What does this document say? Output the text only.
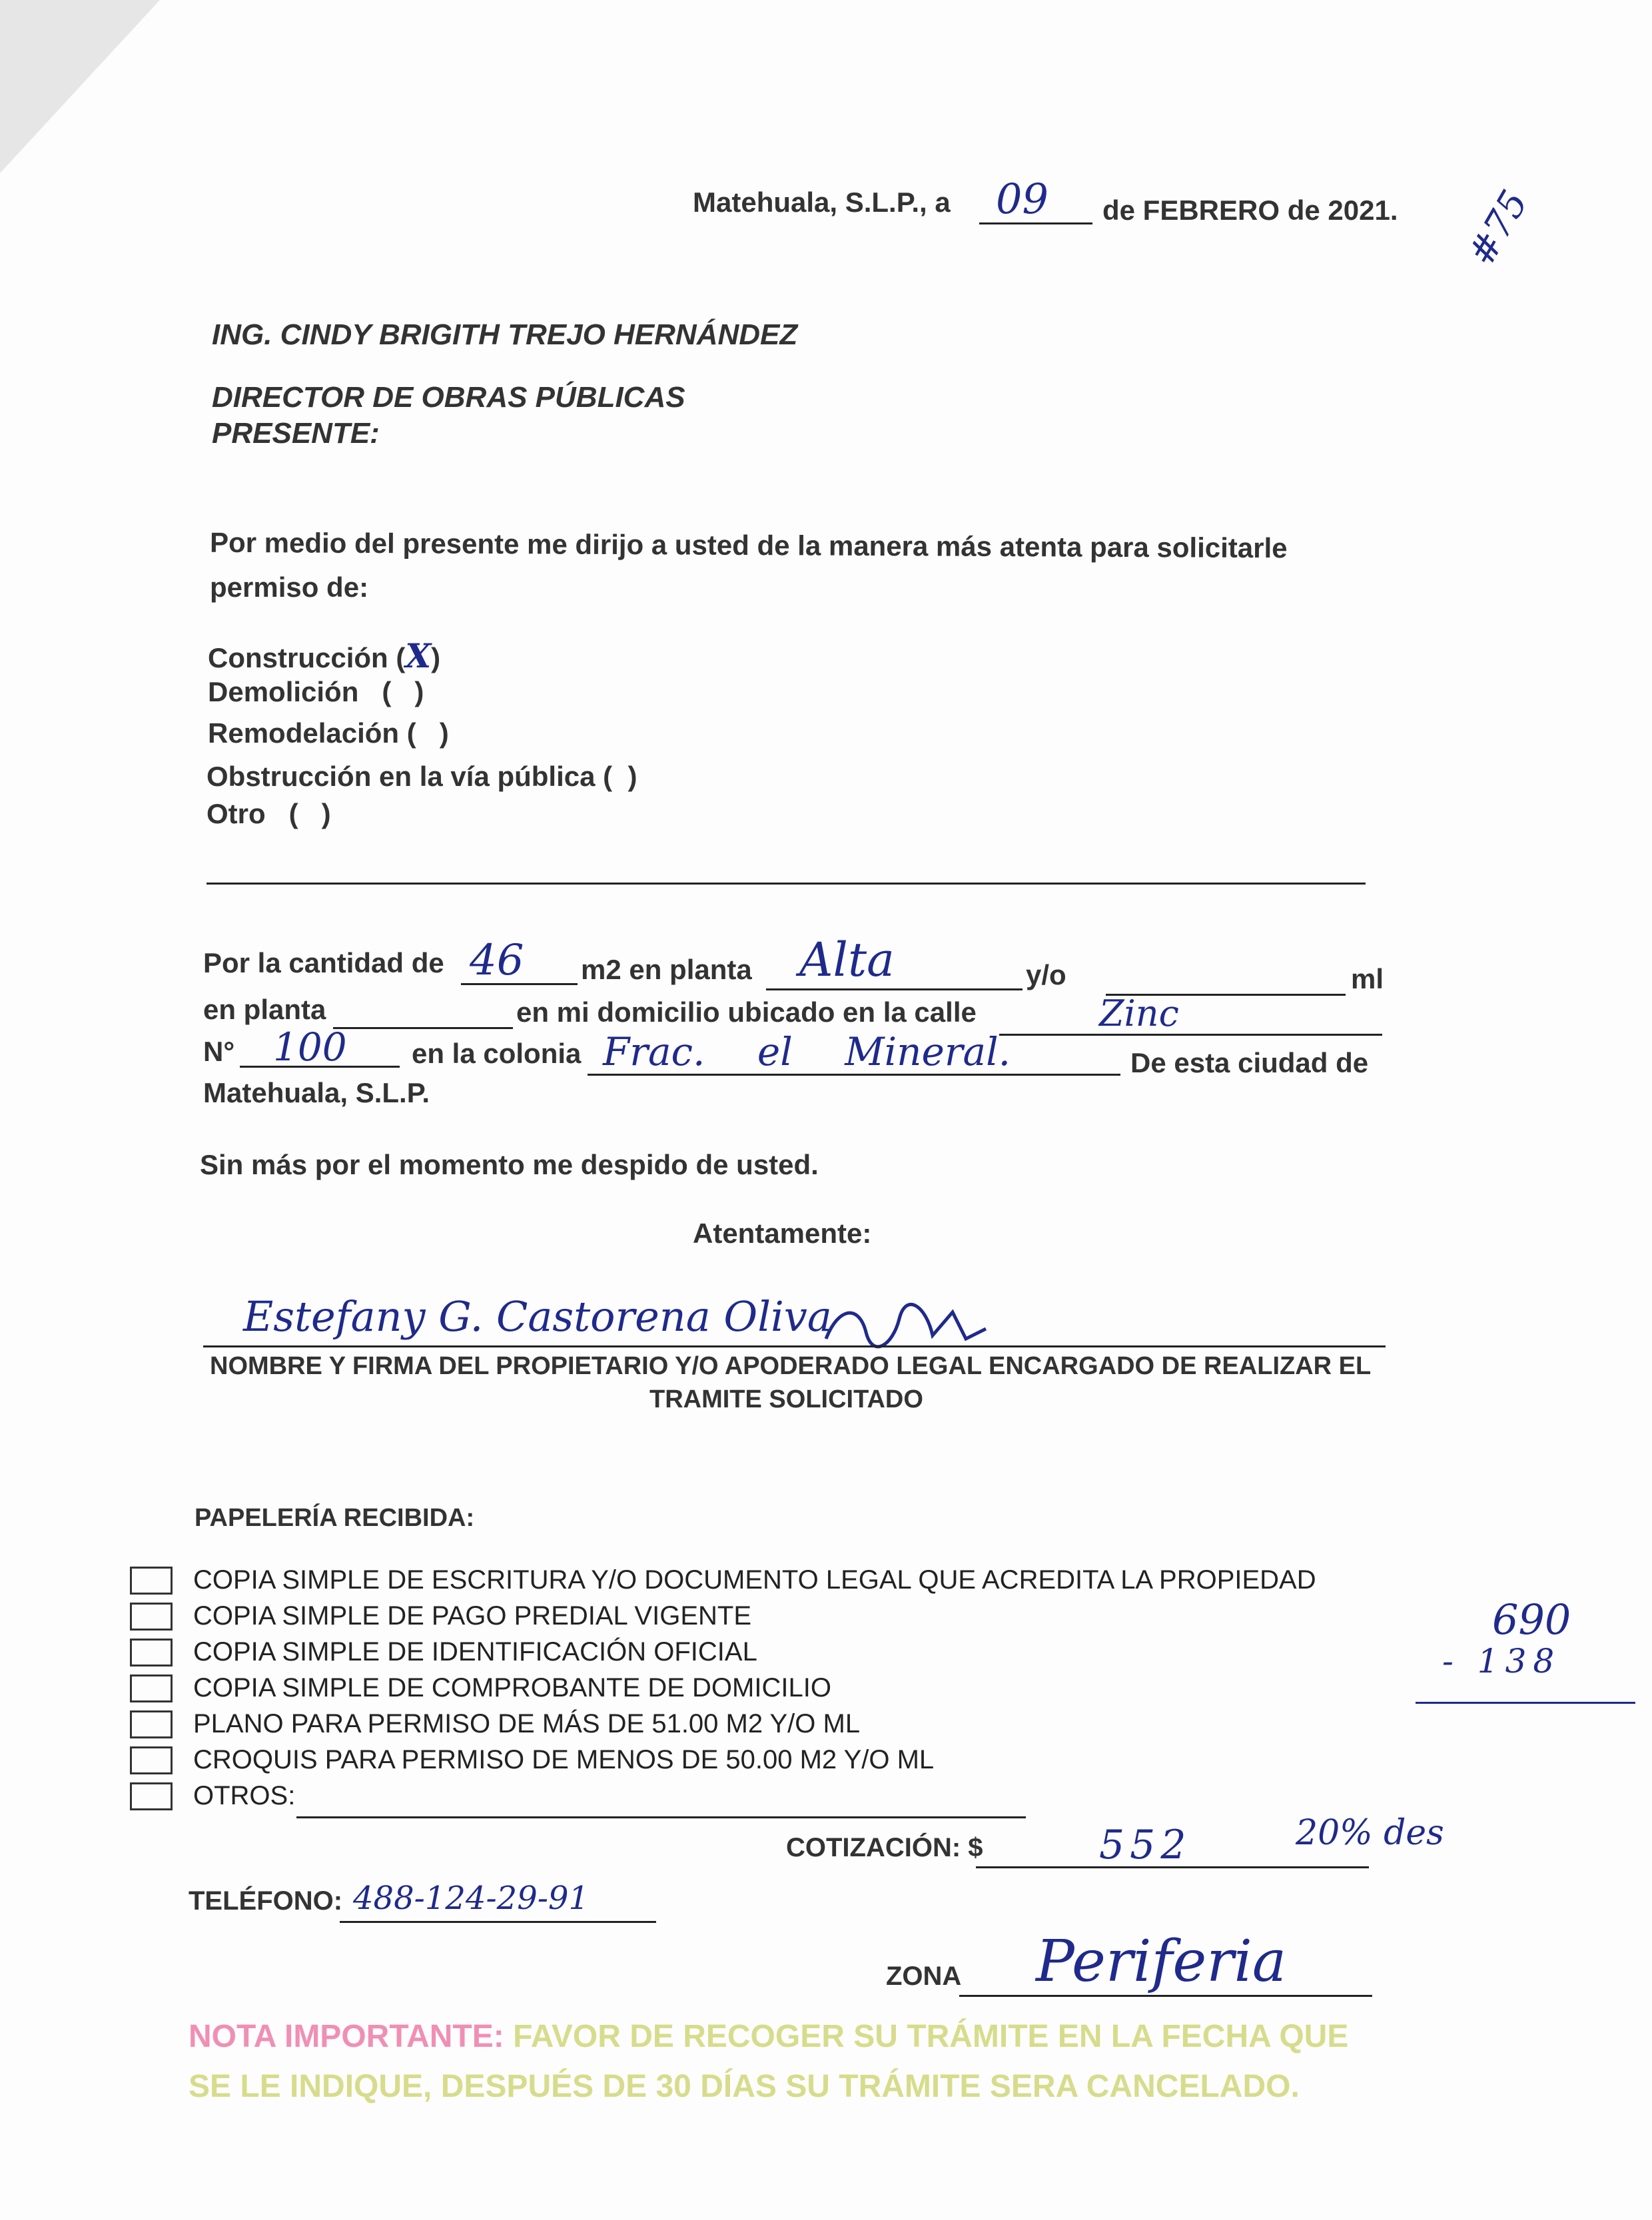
Matehuala, S.L.P., a 09 de FEBRERO de 2021. #75
ING. CINDY BRIGITH TREJO HERNÁNDEZ
DIRECTOR DE OBRAS PÚBLICAS
PRESENTE:
Por medio del presente me dirijo a usted de la manera más atenta para solicitarle
permiso de:
Construcción (X)
Demolición   (   )
Remodelación (   )
Obstrucción en la vía pública (  )
Otro   (   )
Por la cantidad de 46 m2 en planta Alta	y/o	ml
en planta	en mi domicilio ubicado en la calle	Zinc
N° 100 en la colonia Frac. el Mineral.	De esta ciudad de
Matehuala, S.L.P.
Sin más por el momento me despido de usted.
Atentamente:
Estefany G. Castorena Oliva
NOMBRE Y FIRMA DEL PROPIETARIO Y/O APODERADO LEGAL ENCARGADO DE REALIZAR EL
TRAMITE SOLICITADO
PAPELERÍA RECIBIDA:
COPIA SIMPLE DE ESCRITURA Y/O DOCUMENTO LEGAL QUE ACREDITA LA PROPIEDAD
COPIA SIMPLE DE PAGO PREDIAL VIGENTE
COPIA SIMPLE DE IDENTIFICACIÓN OFICIAL
COPIA SIMPLE DE COMPROBANTE DE DOMICILIO
PLANO PARA PERMISO DE MÁS DE 51.00 M2 Y/O ML
CROQUIS PARA PERMISO DE MENOS DE 50.00 M2 Y/O ML
OTROS:
690
- 138
COTIZACIÓN: $	552	20% des
TELÉFONO: 488-124-29-91
ZONA Periferia
NOTA IMPORTANTE: FAVOR DE RECOGER SU TRÁMITE EN LA FECHA QUE
SE LE INDIQUE, DESPUÉS DE 30 DÍAS SU TRÁMITE SERA CANCELADO.
